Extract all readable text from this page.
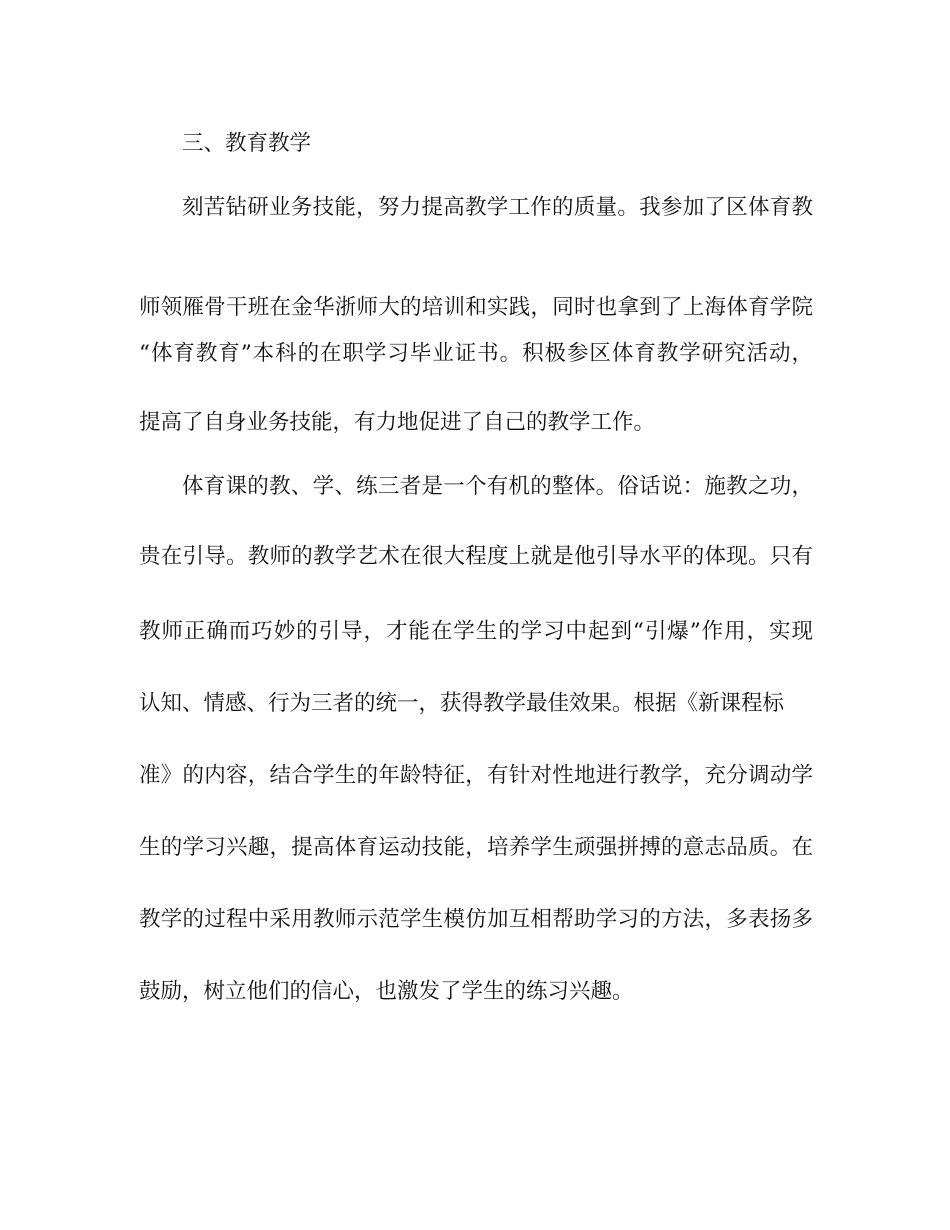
三、教育教学
刻苦钻研业务技能，努力提高教学工作的质量。我参加了区体育教
师领雁骨干班在金华浙师大的培训和实践，同时也拿到了上海体育学院
“体育教育”本科的在职学习毕业证书。积极参区体育教学研究活动，
提高了自身业务技能，有力地促进了自己的教学工作。
体育课的教、学、练三者是一个有机的整体。俗话说：施教之功，
贵在引导。教师的教学艺术在很大程度上就是他引导水平的体现。只有
教师正确而巧妙的引导，才能在学生的学习中起到“引爆”作用，实现
认知、情感、行为三者的统一，获得教学最佳效果。根据《新课程标
准》的内容，结合学生的年龄特征，有针对性地进行教学，充分调动学
生的学习兴趣，提高体育运动技能，培养学生顽强拼搏的意志品质。在
教学的过程中采用教师示范学生模仿加互相帮助学习的方法，多表扬多
鼓励，树立他们的信心，也激发了学生的练习兴趣。
